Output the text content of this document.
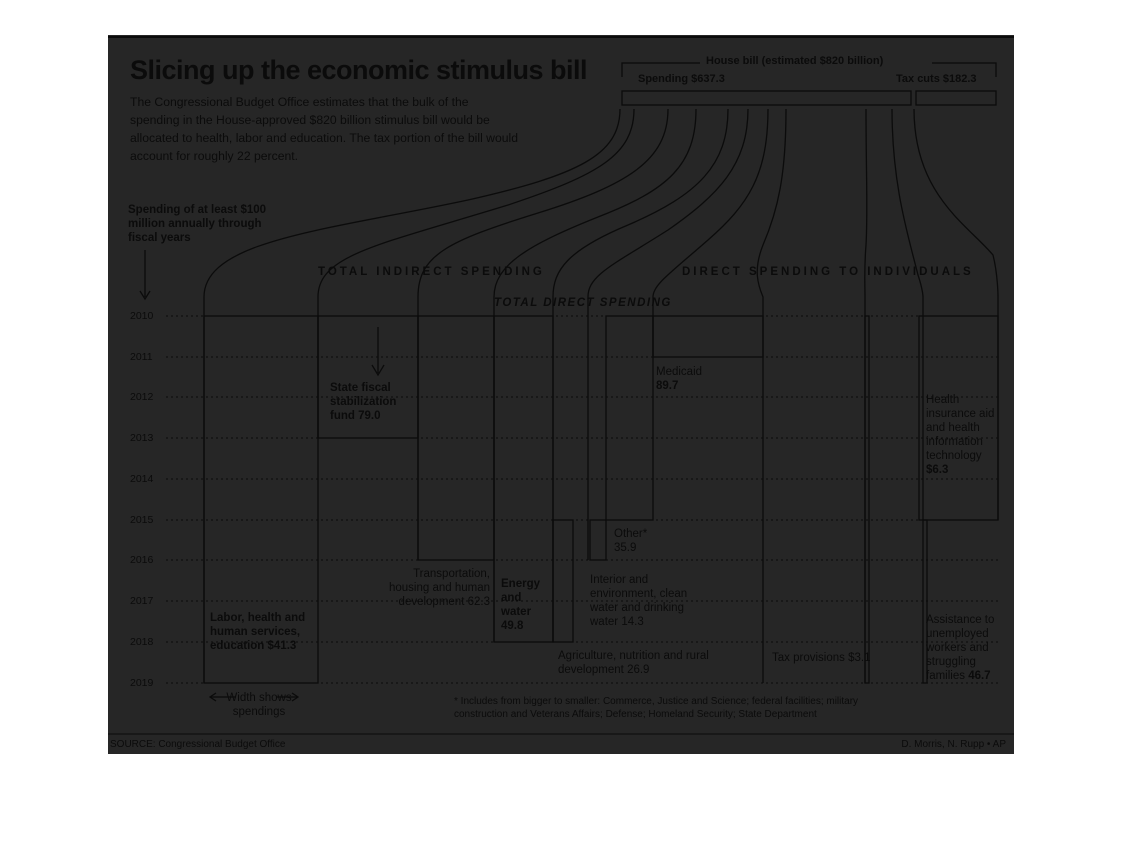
Slicing up the economic stimulus bill
The Congressional Budget Office estimates that the bulk of the spending in the House-approved $820 billion stimulus bill would be allocated to health, labor and education. The tax portion of the bill would account for roughly 22 percent.
House bill (estimated $820 billion)
Spending $637.3	Tax cuts $182.3
Spending of at least $100 million annually through fiscal years
TOTAL INDIRECT SPENDING	DIRECT SPENDING TO INDIVIDUALS
TOTAL DIRECT SPENDING
2010
2011
2012
2013
2014
2015
2016
2017
2018
2019
Labor, health and human services, education $41.3
State fiscal stabilization fund 79.0
Transportation, housing and human development 62.3
Energy and water 49.8
Agriculture, nutrition and rural development 26.9
Interior and environment, clean water and drinking water 14.3
Other*
35.9
Medicaid
89.7
Tax provisions $3.1
Health insurance aid and health information technology $6.3
Assistance to unemployed workers and struggling families 46.7
Width shows spendings
* Includes from bigger to smaller: Commerce, Justice and Science; federal facilities; military construction and Veterans Affairs; Defense; Homeland Security; State Department
SOURCE: Congressional Budget Office	D. Morris, N. Rupp • AP
